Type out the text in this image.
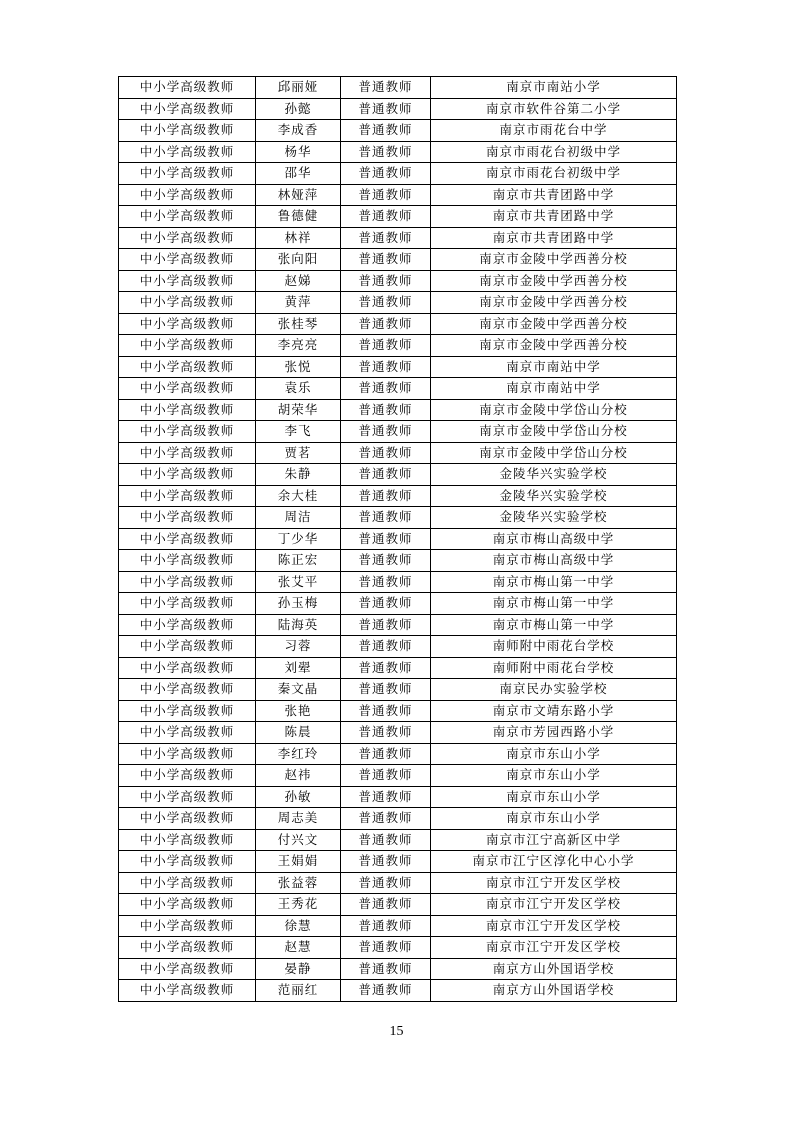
中小学高级教师	邱丽娅	普通教师	南京市南站小学
中小学高级教师	孙懿	普通教师	南京市软件谷第二小学
中小学高级教师	李成香	普通教师	南京市雨花台中学
中小学高级教师	杨华	普通教师	南京市雨花台初级中学
中小学高级教师	邵华	普通教师	南京市雨花台初级中学
中小学高级教师	林娅萍	普通教师	南京市共青团路中学
中小学高级教师	鲁德健	普通教师	南京市共青团路中学
中小学高级教师	林祥	普通教师	南京市共青团路中学
中小学高级教师	张向阳	普通教师	南京市金陵中学西善分校
中小学高级教师	赵娣	普通教师	南京市金陵中学西善分校
中小学高级教师	黄萍	普通教师	南京市金陵中学西善分校
中小学高级教师	张桂琴	普通教师	南京市金陵中学西善分校
中小学高级教师	李亮亮	普通教师	南京市金陵中学西善分校
中小学高级教师	张悦	普通教师	南京市南站中学
中小学高级教师	袁乐	普通教师	南京市南站中学
中小学高级教师	胡荣华	普通教师	南京市金陵中学岱山分校
中小学高级教师	李飞	普通教师	南京市金陵中学岱山分校
中小学高级教师	贾茗	普通教师	南京市金陵中学岱山分校
中小学高级教师	朱静	普通教师	金陵华兴实验学校
中小学高级教师	余大桂	普通教师	金陵华兴实验学校
中小学高级教师	周洁	普通教师	金陵华兴实验学校
中小学高级教师	丁少华	普通教师	南京市梅山高级中学
中小学高级教师	陈正宏	普通教师	南京市梅山高级中学
中小学高级教师	张艾平	普通教师	南京市梅山第一中学
中小学高级教师	孙玉梅	普通教师	南京市梅山第一中学
中小学高级教师	陆海英	普通教师	南京市梅山第一中学
中小学高级教师	习蓉	普通教师	南师附中雨花台学校
中小学高级教师	刘翚	普通教师	南师附中雨花台学校
中小学高级教师	秦文晶	普通教师	南京民办实验学校
中小学高级教师	张艳	普通教师	南京市文靖东路小学
中小学高级教师	陈晨	普通教师	南京市芳园西路小学
中小学高级教师	李红玲	普通教师	南京市东山小学
中小学高级教师	赵祎	普通教师	南京市东山小学
中小学高级教师	孙敏	普通教师	南京市东山小学
中小学高级教师	周志美	普通教师	南京市东山小学
中小学高级教师	付兴文	普通教师	南京市江宁高新区中学
中小学高级教师	王娟娟	普通教师	南京市江宁区淳化中心小学
中小学高级教师	张益蓉	普通教师	南京市江宁开发区学校
中小学高级教师	王秀花	普通教师	南京市江宁开发区学校
中小学高级教师	徐慧	普通教师	南京市江宁开发区学校
中小学高级教师	赵慧	普通教师	南京市江宁开发区学校
中小学高级教师	晏静	普通教师	南京方山外国语学校
中小学高级教师	范丽红	普通教师	南京方山外国语学校
15
